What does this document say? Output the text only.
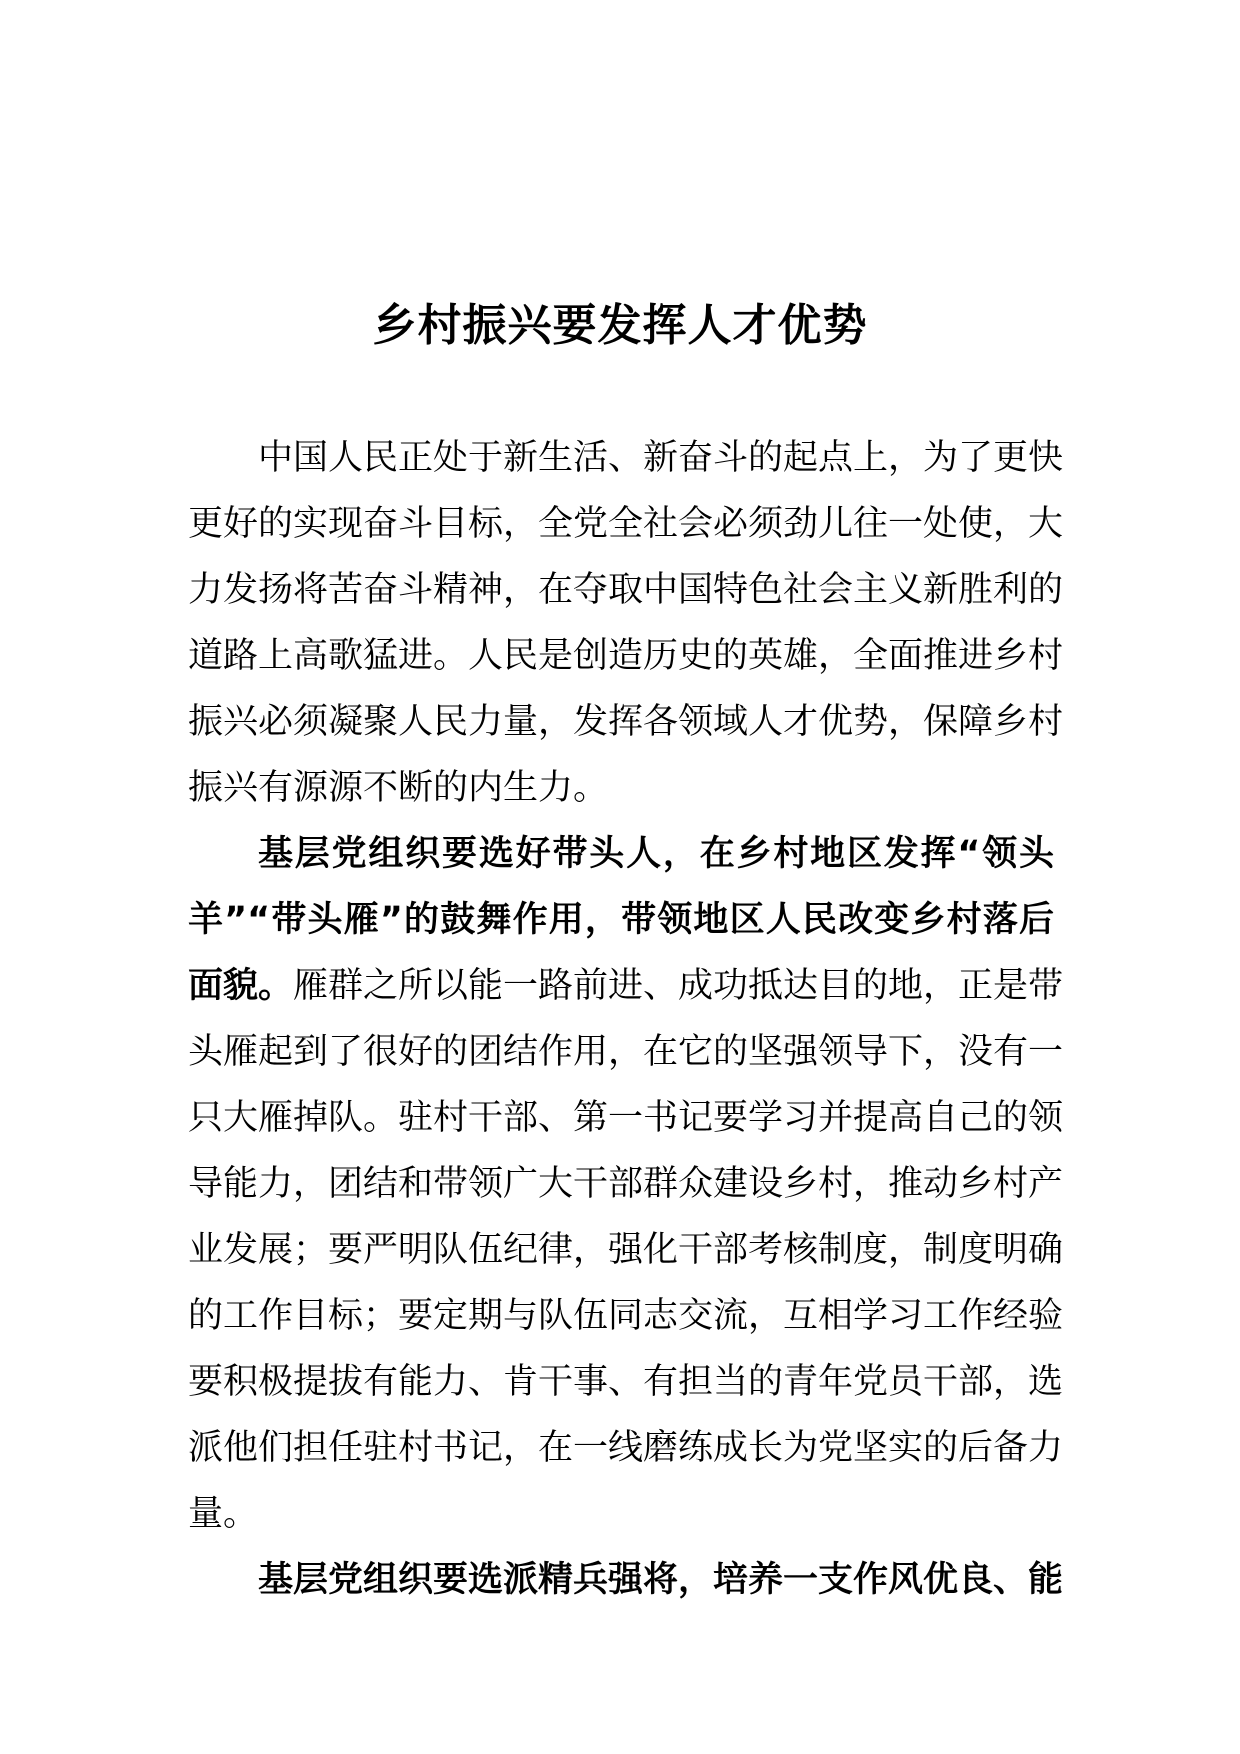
乡村振兴要发挥人才优势
中国人民正处于新生活、新奋斗的起点上，为了更快
更好的实现奋斗目标，全党全社会必须劲儿往一处使，大
力发扬将苦奋斗精神，在夺取中国特色社会主义新胜利的
道路上高歌猛进。人民是创造历史的英雄，全面推进乡村
振兴必须凝聚人民力量，发挥各领域人才优势，保障乡村
振兴有源源不断的内生力。
基层党组织要选好带头人，在乡村地区发挥“领头
羊”“带头雁”的鼓舞作用，带领地区人民改变乡村落后
面貌。雁群之所以能一路前进、成功抵达目的地，正是带
头雁起到了很好的团结作用，在它的坚强领导下，没有一
只大雁掉队。驻村干部、第一书记要学习并提高自己的领
导能力，团结和带领广大干部群众建设乡村，推动乡村产
业发展；要严明队伍纪律，强化干部考核制度，制度明确
的工作目标；要定期与队伍同志交流，互相学习工作经验
要积极提拔有能力、肯干事、有担当的青年党员干部，选
派他们担任驻村书记，在一线磨练成长为党坚实的后备力
量。
基层党组织要选派精兵强将，培养一支作风优良、能
